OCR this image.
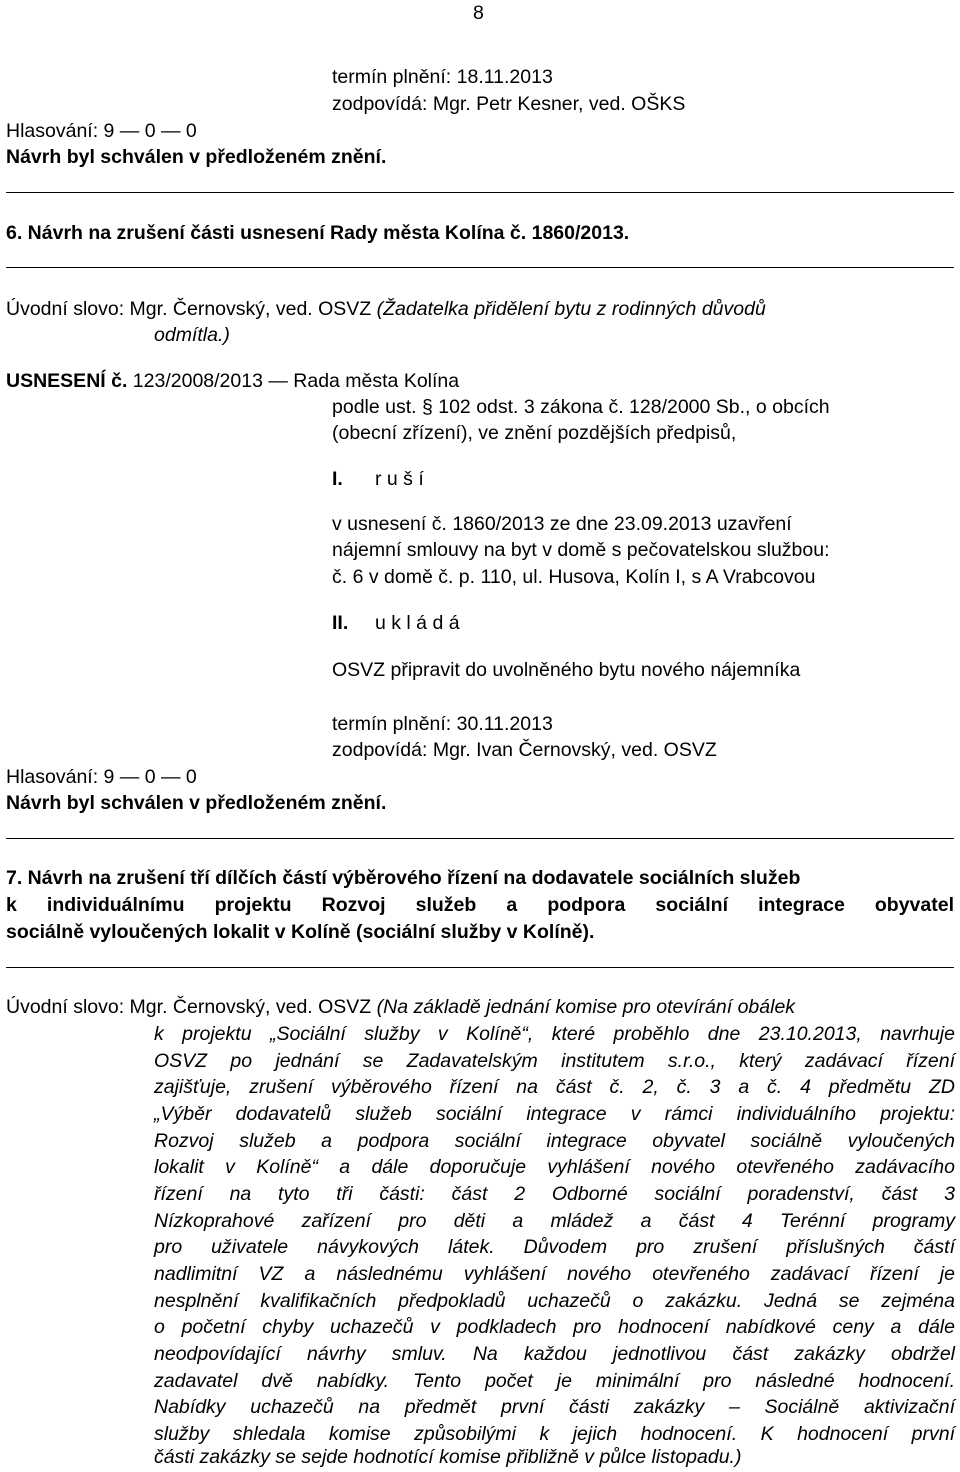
8
termín plnění: 18.11.2013
zodpovídá: Mgr. Petr Kesner, ved. OŠKS
Hlasování: 9 — 0 — 0
Návrh byl schválen v předloženém znění.
6. Návrh na zrušení části usnesení Rady města Kolína č. 1860/2013.
Úvodní slovo: Mgr. Černovský, ved. OSVZ (Žadatelka přidělení bytu z rodinných důvodů
odmítla.)
USNESENÍ č. 123/2008/2013 — Rada města Kolína
podle ust. § 102 odst. 3 zákona č. 128/2000 Sb., o obcích
(obecní zřízení), ve znění pozdějších předpisů,
I. r u š í
v usnesení č. 1860/2013 ze dne 23.09.2013 uzavření
nájemní smlouvy na byt v domě s pečovatelskou službou:
č. 6 v domě č. p. 110, ul. Husova, Kolín I, s A Vrabcovou
II. u k l á d á
OSVZ připravit do uvolněného bytu nového nájemníka
termín plnění: 30.11.2013
zodpovídá: Mgr. Ivan Černovský, ved. OSVZ
Hlasování: 9 — 0 — 0
Návrh byl schválen v předloženém znění.
7. Návrh na zrušení tří dílčích částí výběrového řízení na dodavatele sociálních služeb
k individuálnímu projektu Rozvoj služeb a podpora sociální integrace obyvatel
sociálně vyloučených lokalit v Kolíně (sociální služby v Kolíně).
Úvodní slovo: Mgr. Černovský, ved. OSVZ (Na základě jednání komise pro otevírání obálek
k projektu „Sociální služby v Kolíně“, které proběhlo dne 23.10.2013, navrhuje
OSVZ po jednání se Zadavatelským institutem s.r.o., který zadávací řízení
zajišťuje, zrušení výběrového řízení na část č. 2, č. 3 a č. 4 předmětu ZD
„Výběr dodavatelů služeb sociální integrace v rámci individuálního projektu:
Rozvoj služeb a podpora sociální integrace obyvatel sociálně vyloučených
lokalit v Kolíně“ a dále doporučuje vyhlášení nového otevřeného zadávacího
řízení na tyto tři části: část 2 Odborné sociální poradenství, část 3
Nízkoprahové zařízení pro děti a mládež a část 4 Terénní programy
pro uživatele návykových látek. Důvodem pro zrušení příslušných částí
nadlimitní VZ a následnému vyhlášení nového otevřeného zadávací řízení je
nesplnění kvalifikačních předpokladů uchazečů o zakázku. Jedná se zejména
o početní chyby uchazečů v podkladech pro hodnocení nabídkové ceny a dále
neodpovídající návrhy smluv. Na každou jednotlivou část zakázky obdržel
zadavatel dvě nabídky. Tento počet je minimální pro následné hodnocení.
Nabídky uchazečů na předmět první části zakázky – Sociálně aktivizační
služby shledala komise způsobilými k jejich hodnocení. K hodnocení první
části zakázky se sejde hodnotící komise přibližně v půlce listopadu.)
